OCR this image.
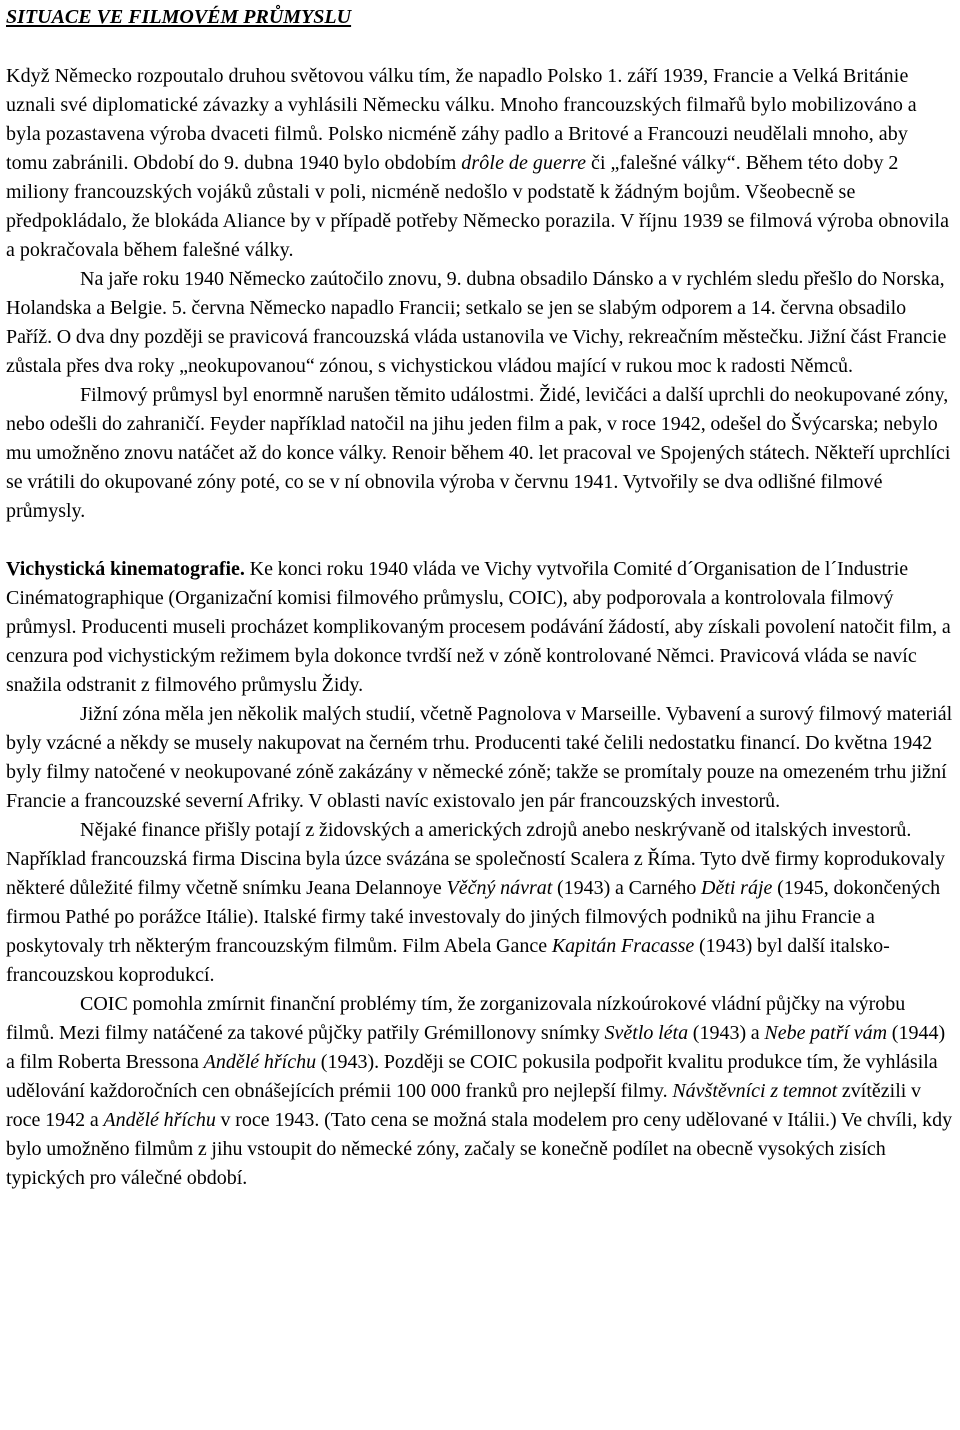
SITUACE VE FILMOVÉM PRŮMYSLU

Když Německo rozpoutalo druhou světovou válku tím, že napadlo Polsko 1. září 1939, Francie a Velká Británie uznali své diplomatické závazky a vyhlásili Německu válku. Mnoho francouzských filmařů bylo mobilizováno a byla pozastavena výroba dvaceti filmů. Polsko nicméně záhy padlo a Britové a Francouzi neudělali mnoho, aby tomu zabránili. Období do 9. dubna 1940 bylo obdobím drôle de guerre či „falešné války“. Během této doby 2 miliony francouzských vojáků zůstali v poli, nicméně nedošlo v podstatě k žádným bojům. Všeobecně se předpokládalo, že blokáda Aliance by v případě potřeby Německo porazila. V říjnu 1939 se filmová výroba obnovila a pokračovala během falešné války.

Na jaře roku 1940 Německo zaútočilo znovu, 9. dubna obsadilo Dánsko a v rychlém sledu přešlo do Norska, Holandska a Belgie. 5. června Německo napadlo Francii; setkalo se jen se slabým odporem a 14. června obsadilo Paříž. O dva dny později se pravicová francouzská vláda ustanovila ve Vichy, rekreačním městečku. Jižní část Francie zůstala přes dva roky „neokupovanou“ zónou, s vichystickou vládou mající v rukou moc k radosti Němců.

Filmový průmysl byl enormně narušen těmito událostmi. Židé, levičáci a další uprchli do neokupované zóny, nebo odešli do zahraničí. Feyder například natočil na jihu jeden film a pak, v roce 1942, odešel do Švýcarska; nebylo mu umožněno znovu natáčet až do konce války. Renoir během 40. let pracoval ve Spojených státech. Někteří uprchlíci se vrátili do okupované zóny poté, co se v ní obnovila výroba v červnu 1941. Vytvořily se dva odlišné filmové průmysly.

Vichystická kinematografie. Ke konci roku 1940 vláda ve Vichy vytvořila Comité d´Organisation de l´Industrie Cinématographique (Organizační komisi filmového průmyslu, COIC), aby podporovala a kontrolovala filmový průmysl. Producenti museli procházet komplikovaným procesem podávání žádostí, aby získali povolení natočit film, a cenzura pod vichystickým režimem byla dokonce tvrdší než v zóně kontrolované Němci. Pravicová vláda se navíc snažila odstranit z filmového průmyslu Židy.

Jižní zóna měla jen několik malých studií, včetně Pagnolova v Marseille. Vybavení a surový filmový materiál byly vzácné a někdy se musely nakupovat na černém trhu. Producenti také čelili nedostatku financí. Do května 1942 byly filmy natočené v neokupované zóně zakázány v německé zóně; takže se promítaly pouze na omezeném trhu jižní Francie a francouzské severní Afriky. V oblasti navíc existovalo jen pár francouzských investorů.

Nějaké finance přišly potají z židovských a amerických zdrojů anebo neskrývaně od italských investorů. Například francouzská firma Discina byla úzce svázána se společností Scalera z Říma. Tyto dvě firmy koprodukovaly některé důležité filmy včetně snímku Jeana Delannoye Věčný návrat (1943) a Carného Děti ráje (1945, dokončených firmou Pathé po porážce Itálie). Italské firmy také investovaly do jiných filmových podniků na jihu Francie a poskytovaly trh některým francouzským filmům. Film Abela Gance Kapitán Fracasse (1943) byl další italsko-francouzskou koprodukcí.

COIC pomohla zmírnit finanční problémy tím, že zorganizovala nízkoúrokové vládní půjčky na výrobu filmů. Mezi filmy natáčené za takové půjčky patřily Grémillonovy snímky Světlo léta (1943) a Nebe patří vám (1944) a film Roberta Bressona Andělé hříchu (1943). Později se COIC pokusila podpořit kvalitu produkce tím, že vyhlásila udělování každoročních cen obnášejících prémii 100 000 franků pro nejlepší filmy. Návštěvníci z temnot zvítězili v roce 1942 a Andělé hříchu v roce 1943. (Tato cena se možná stala modelem pro ceny udělované v Itálii.) Ve chvíli, kdy bylo umožněno filmům z jihu vstoupit do německé zóny, začaly se konečně podílet na obecně vysokých zisích typických pro válečné období.
